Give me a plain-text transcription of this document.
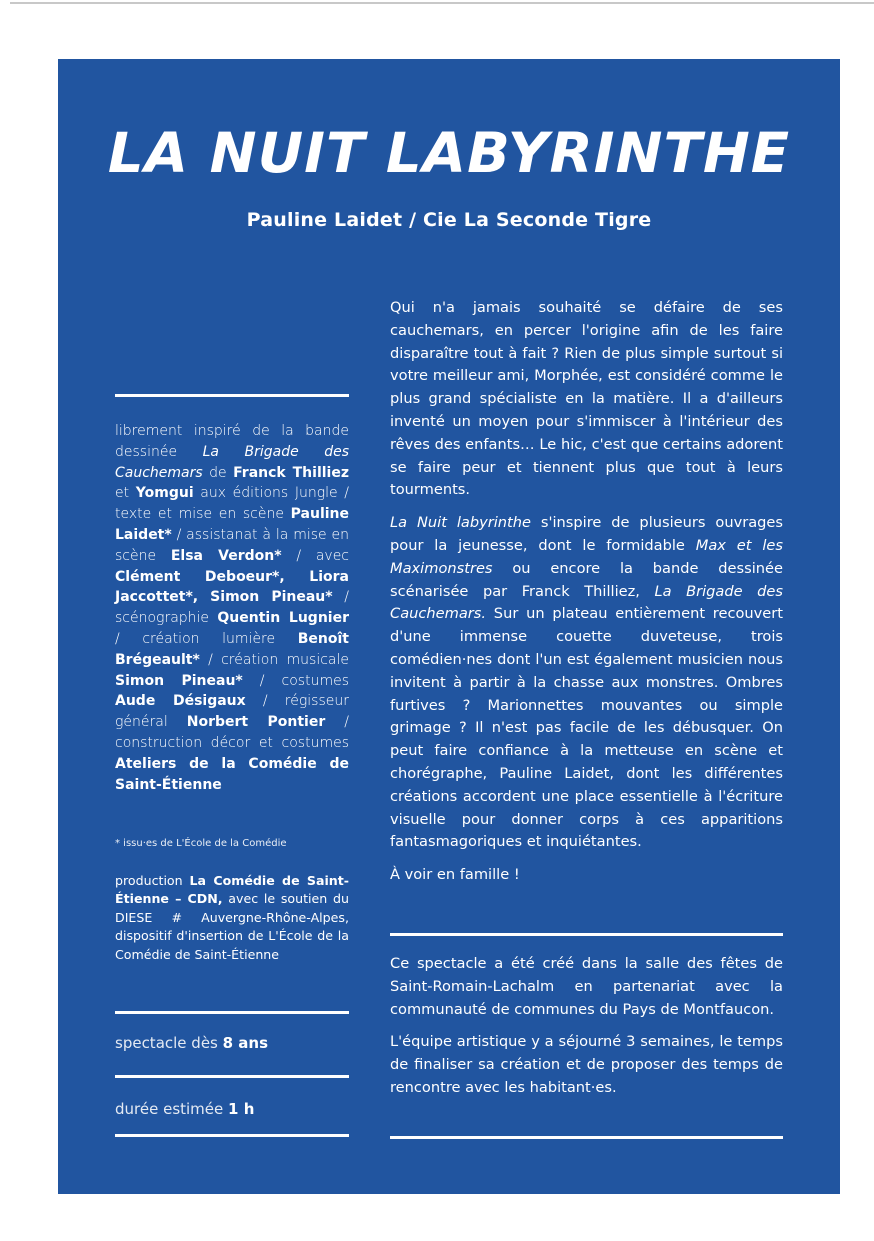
LA NUIT LABYRINTHE
Pauline Laidet / Cie La Seconde Tigre
librement inspiré de la bande dessinée La Brigade des Cauchemars de Franck Thilliez et Yomgui aux éditions Jungle / texte et mise en scène Pauline Laidet* / assistanat à la mise en scène Elsa Verdon* / avec Clément Deboeur*, Liora Jaccottet*, Simon Pineau* / scénographie Quentin Lugnier / création lumière Benoît Brégeault* / création musicale Simon Pineau* / costumes Aude Désigaux / régisseur général Norbert Pontier / construction décor et costumes Ateliers de la Comédie de Saint-Étienne
* issu·es de L'École de la Comédie
production La Comédie de Saint-Étienne – CDN, avec le soutien du DIESE # Auvergne-Rhône-Alpes, dispositif d'insertion de L'École de la Comédie de Saint-Étienne
spectacle dès 8 ans
durée estimée 1 h

Qui n'a jamais souhaité se défaire de ses cauchemars, en percer l'origine afin de les faire disparaître tout à fait ? Rien de plus simple surtout si votre meilleur ami, Morphée, est considéré comme le plus grand spécialiste en la matière. Il a d'ailleurs inventé un moyen pour s'immiscer à l'intérieur des rêves des enfants… Le hic, c'est que certains adorent se faire peur et tiennent plus que tout à leurs tourments.

La Nuit labyrinthe s'inspire de plusieurs ouvrages pour la jeunesse, dont le formidable Max et les Maximonstres ou encore la bande dessinée scénarisée par Franck Thilliez, La Brigade des Cauchemars. Sur un plateau entièrement recouvert d'une immense couette duveteuse, trois comédien·nes dont l'un est également musicien nous invitent à partir à la chasse aux monstres. Ombres furtives ? Marionnettes mouvantes ou simple grimage ? Il n'est pas facile de les débusquer. On peut faire confiance à la metteuse en scène et chorégraphe, Pauline Laidet, dont les différentes créations accordent une place essentielle à l'écriture visuelle pour donner corps à ces apparitions fantasmagoriques et inquiétantes.

À voir en famille !

Ce spectacle a été créé dans la salle des fêtes de Saint-Romain-Lachalm en partenariat avec la communauté de communes du Pays de Montfaucon.

L'équipe artistique y a séjourné 3 semaines, le temps de finaliser sa création et de proposer des temps de rencontre avec les habitant·es.
